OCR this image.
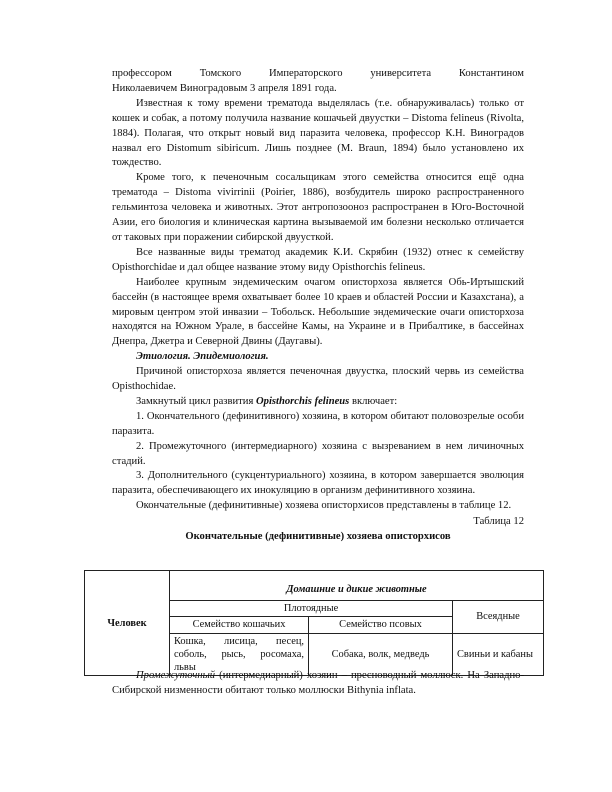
профессором Томского Императорского университета Константином

Николаевичем Виноградовым 3 апреля 1891 года.

Известная к тому времени трематода выделялась (т.е. обнаруживалась) только от кошек и собак, а потому получила название кошачьей двуустки – Distoma felineus (Rivolta, 1884). Полагая, что открыт новый вид паразита человека, профессор К.Н. Виноградов назвал его Distomum sibiricum. Лишь позднее (M. Braun, 1894) было установлено их тождество.

Кроме того, к печеночным сосальщикам этого семейства относится ещё одна трематода – Distoma vivirrinii (Poirier, 1886), возбудитель широко распространенного гельминтоза человека и животных. Этот антропозооноз распространен в Юго-Восточной Азии, его биология и клиническая картина вызываемой им болезни несколько отличается от таковых при поражении сибирской двуусткой.

Все названные виды трематод академик К.И. Скрябин (1932) отнес к семейству Opisthorchidae и дал общее название этому виду Opisthorchis felineus.

Наиболее крупным эндемическим очагом описторхоза является Обь-Иртышский бассейн (в настоящее время охватывает более 10 краев и областей России и Казахстана), а мировым центром этой инвазии – Тобольск. Небольшие эндемические очаги описторхоза находятся на Южном Урале, в бассейне Камы, на Украине и в Прибалтике, в бассейнах Днепра, Джетра и Северной Двины (Даугавы).

Этиология. Эпидемиология.

Причиной описторхоза является печеночная двуустка, плоский червь из семейства Opisthochidae.

Замкнутый цикл развития Opisthorchis felineus включает:

1. Окончательного (дефинитивного) хозяина, в котором обитают половозрелые особи паразита.

2. Промежуточного (интермедиарного) хозяина с вызреванием в нем личиночных стадий.

3. Дополнительного (сукцентуриального) хозяина, в котором завершается эволюция паразита, обеспечивающего их инокуляцию в организм дефинитивного хозяина.

Окончательные (дефинитивные) хозяева описторхисов представлены в таблице 12.

Таблица 12

Окончательные (дефинитивные) хозяева описторхисов

Человек	Домашние и дикие животные		
	Плотоядные		Всеядные
	Семейство кошачьих	Семейство псовых	
	Кошка, лисица, песец, соболь, рысь, росомаха, львы	Собака, волк, медведь	Свиньи и кабаны

Промежуточный (интермедиарный) хозяин – пресноводный моллюск. На Западно-Сибирской низменности обитают только моллюски Bithynia inflata.
